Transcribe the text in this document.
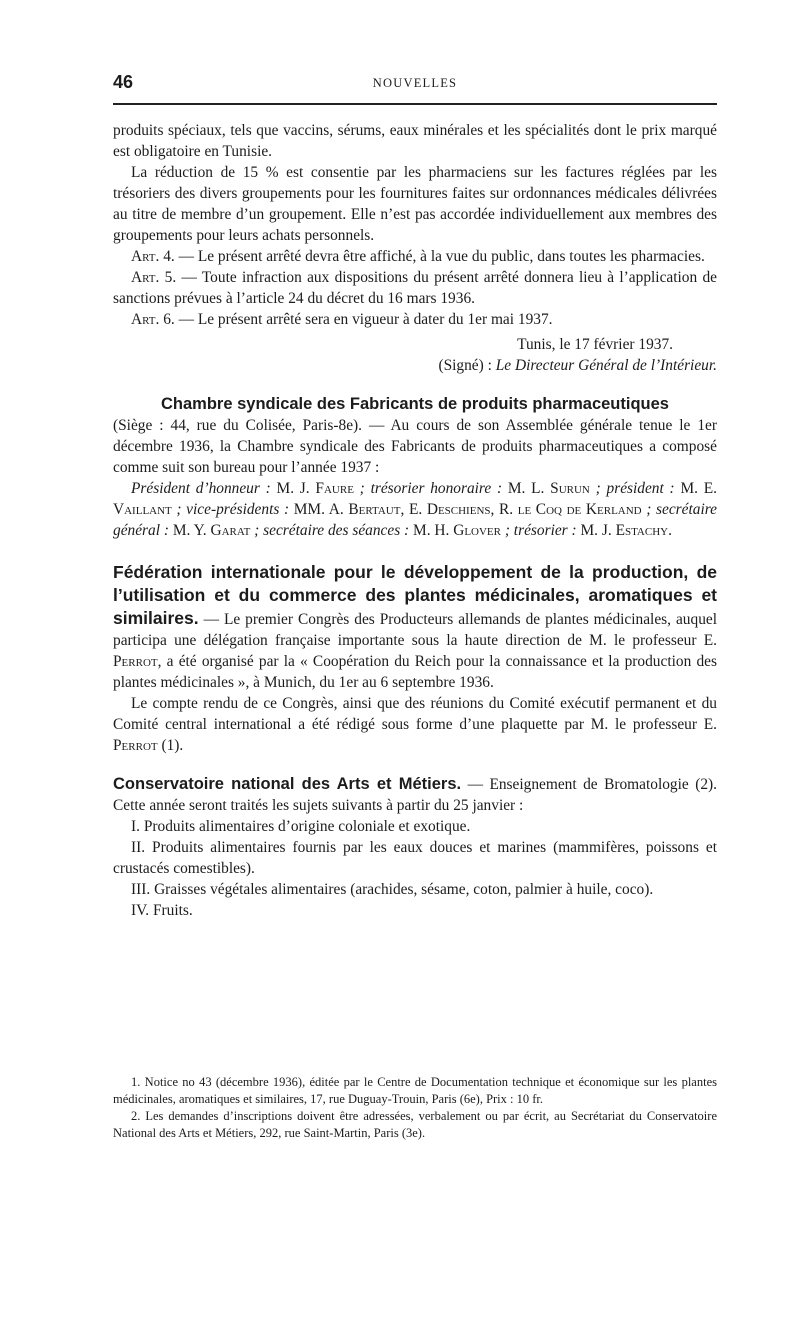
46	NOUVELLES

produits spéciaux, tels que vaccins, sérums, eaux minérales et les spécialités dont le prix marqué est obligatoire en Tunisie.

La réduction de 15 % est consentie par les pharmaciens sur les factures réglées par les trésoriers des divers groupements pour les fournitures faites sur ordonnances médicales délivrées au titre de membre d’un groupement. Elle n’est pas accordée individuellement aux membres des groupements pour leurs achats personnels.

Art. 4. — Le présent arrêté devra être affiché, à la vue du public, dans toutes les pharmacies.

Art. 5. — Toute infraction aux dispositions du présent arrêté donnera lieu à l’application de sanctions prévues à l’article 24 du décret du 16 mars 1936.

Art. 6. — Le présent arrêté sera en vigueur à dater du 1er mai 1937.

Tunis, le 17 février 1937.
(Signé) : Le Directeur Général de l’Intérieur.
Chambre syndicale des Fabricants de produits pharmaceutiques

(Siège : 44, rue du Colisée, Paris-8e). — Au cours de son Assemblée générale tenue le 1er décembre 1936, la Chambre syndicale des Fabricants de produits pharmaceutiques a composé comme suit son bureau pour l’année 1937 :

Président d’honneur : M. J. Faure ; trésorier honoraire : M. L. Surun ; président : M. E. Vaillant ; vice-présidents : MM. A. Bertaut, E. Deschiens, R. le Coq de Kerland ; secrétaire général : M. Y. Garat ; secrétaire des séances : M. H. Glover ; trésorier : M. J. Estachy.

Fédération internationale pour le développement de la production, de l’utilisation et du commerce des plantes médicinales, aromatiques et similaires. — Le premier Congrès des Producteurs allemands de plantes médicinales, auquel participa une délégation française importante sous la haute direction de M. le professeur E. Perrot, a été organisé par la « Coopération du Reich pour la connaissance et la production des plantes médicinales », à Munich, du 1er au 6 septembre 1936.

Le compte rendu de ce Congrès, ainsi que des réunions du Comité exécutif permanent et du Comité central international a été rédigé sous forme d’une plaquette par M. le professeur E. Perrot (1).

Conservatoire national des Arts et Métiers. — Enseignement de Bromatologie (2). Cette année seront traités les sujets suivants à partir du 25 janvier :

I. Produits alimentaires d’origine coloniale et exotique.

II. Produits alimentaires fournis par les eaux douces et marines (mammifères, poissons et crustacés comestibles).

III. Graisses végétales alimentaires (arachides, sésame, coton, palmier à huile, coco).

IV. Fruits.

1. Notice no 43 (décembre 1936), éditée par le Centre de Documentation technique et économique sur les plantes médicinales, aromatiques et similaires, 17, rue Duguay-Trouin, Paris (6e), Prix : 10 fr.

2. Les demandes d’inscriptions doivent être adressées, verbalement ou par écrit, au Secrétariat du Conservatoire National des Arts et Métiers, 292, rue Saint-Martin, Paris (3e).
